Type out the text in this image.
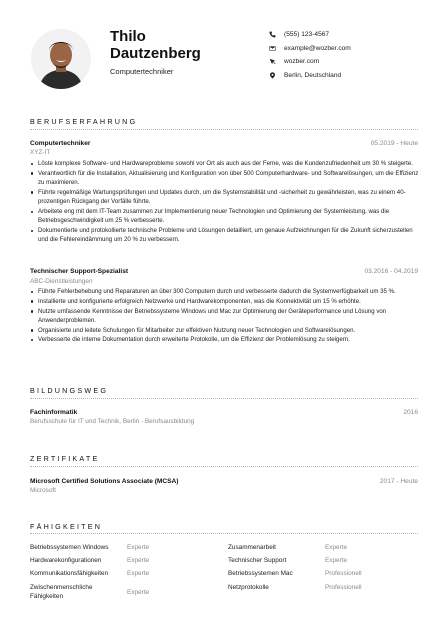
Thilo
Dautzenberg
Computertechniker
(555) 123-4567
example@wozber.com
wozber.com
Berlin, Deutschland
BERUFSERFAHRUNG
Computertechniker	05.2019 - Heute
XYZ-IT
Löste komplexe Software- und Hardwareprobleme sowohl vor Ort als auch aus der Ferne, was die Kundenzufriedenheit um 30 % steigerte.
Verantwortlich für die Installation, Aktualisierung und Konfiguration von über 500 Computerhardware- und Softwarelösungen, um die Effizienz zu maximieren.
Führte regelmäßige Wartungsprüfungen und Updates durch, um die Systemstabilität und -sicherheit zu gewährleisten, was zu einem 40-prozentigen Rückgang der Vorfälle führte.
Arbeitete eng mit dem IT-Team zusammen zur Implementierung neuer Technologien und Optimierung der Systemleistung, was die Betriebsgeschwindigkeit um 25 % verbesserte.
Dokumentierte und protokollierte technische Probleme und Lösungen detailliert, um genaue Aufzeichnungen für die Zukunft sicherzustellen und die Fehlereindämmung um 20 % zu verbessern.
Technischer Support-Spezialist	03.2016 - 04.2019
ABC-Dienstleistungen
Führte Fehlerbehebung und Reparaturen an über 300 Computern durch und verbesserte dadurch die Systemverfügbarkeit um 35 %.
Installierte und konfigurierte erfolgreich Netzwerke und Hardwarekomponenten, was die Konnektivität um 15 % erhöhte.
Nutzte umfassende Kenntnisse der Betriebssysteme Windows und Mac zur Optimierung der Geräteperformance und Lösung von Anwenderproblemen.
Organisierte und leitete Schulungen für Mitarbeiter zur effektiven Nutzung neuer Technologien und Softwarelösungen.
Verbesserte die interne Dokumentation durch erweiterte Protokolle, um die Effizienz der Problemlösung zu steigern.
BILDUNGSWEG
Fachinformatik	2016
Berufsschule für IT und Technik, Berlin - Berufsausbildung
ZERTIFIKATE
Microsoft Certified Solutions Associate (MCSA)	2017 - Heute
Microsoft
FÄHIGKEITEN
Betriebssystemen Windows	Experte
Hardwarekonfigurationen	Experte
Kommunikationsfähigkeiten	Experte
Zwischenmenschliche Fähigkeiten
Experte
Zusammenarbeit	Experte
Technischer Support	Experte
Betriebssystemen Mac	Professionell
Netzprotokolle	Professionell
